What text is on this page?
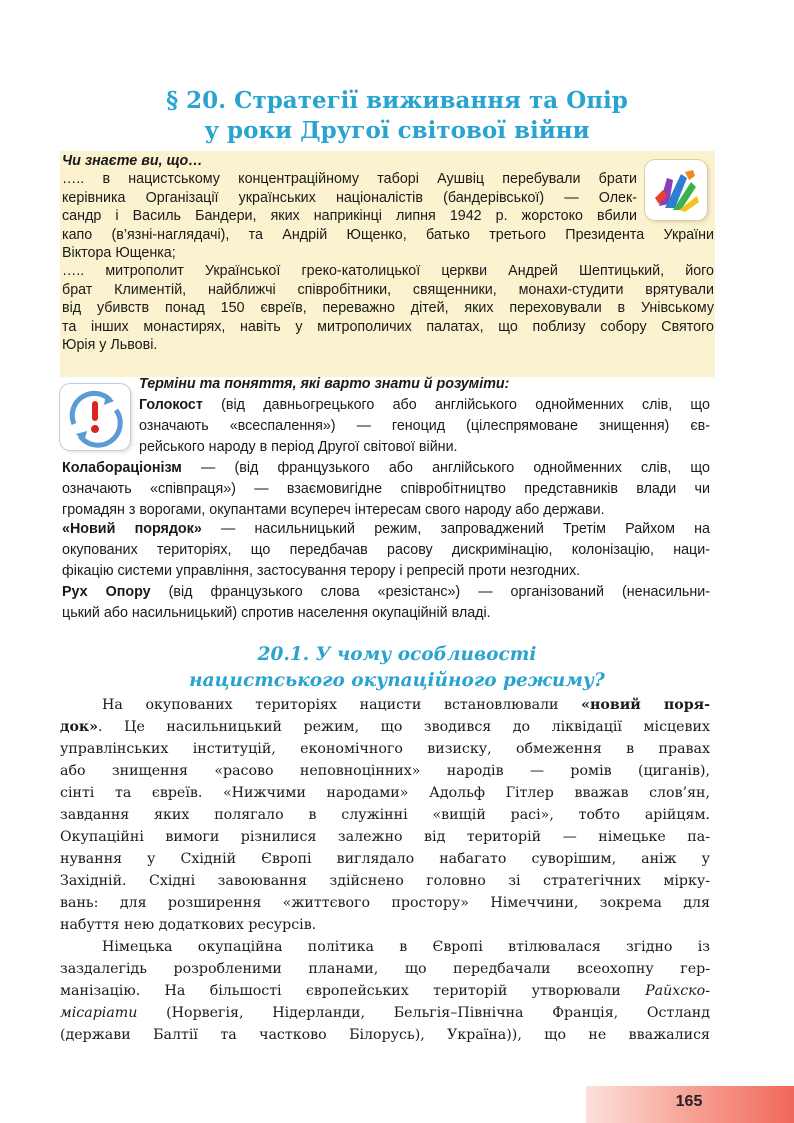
§ 20. Стратегії виживання та Опір
у роки Другої світової війни
Чи знаєте ви, що…
….. в нацистському концентраційному таборі Аушвіц перебували брати
керівника Організації українських націоналістів (бандерівської) — Олек-
сандр і Василь Бандери, яких наприкінці липня 1942 р. жорстоко вбили
капо (в’язні-наглядачі), та Андрій Ющенко, батько третього Президента України
Віктора Ющенка;
….. митрополит Української греко-католицької церкви Андрей Шептицький, його
брат Климентій, найближчі співробітники, священники, монахи-студити врятували
від убивств понад 150 євреїв, переважно дітей, яких переховували в Унівському
та інших монастирях, навіть у митрополичих палатах, що поблизу собору Святого
Юрія у Львові.
Терміни та поняття, які варто знати й розуміти:
Голокост (від давньогрецького або англійського однойменних слів, що
означають «всеспалення») — геноцид (цілеспрямоване знищення) єв-
рейського народу в період Другої світової війни.
Колабораціонізм — (від французького або англійського однойменних слів, що
означають «співпраця») — взаємовигідне співробітництво представників влади чи
громадян з ворогами, окупантами всупереч інтересам свого народу або держави.
«Новий порядок» — насильницький режим, запроваджений Третім Райхом на
окупованих територіях, що передбачав расову дискримінацію, колонізацію, наци-
фікацію системи управління, застосування терору і репресій проти незгодних.
Рух Опору (від французького слова «резістанс») — організований (ненасильни-
цький або насильницький) спротив населення окупаційній владі.
20.1. У чому особливості
нацистського окупаційного режиму?
На окупованих територіях нацисти встановлювали «новий поря-
док». Це насильницький режим, що зводився до ліквідації місцевих
управлінських інституцій, економічного визиску, обмеження в правах
або знищення «расово неповноцінних» народів — ромів (циганів),
сінті та євреїв. «Нижчими народами» Адольф Гітлер вважав слов’ян,
завдання яких полягало в служінні «вищій расі», тобто арійцям.
Окупаційні вимоги різнилися залежно від територій — німецьке па-
нування у Східній Європі виглядало набагато суворішим, аніж у
Західній. Східні завоювання здійснено головно зі стратегічних мірку-
вань: для розширення «життєвого простору» Німеччини, зокрема для
набуття нею додаткових ресурсів.
Німецька окупаційна політика в Європі втілювалася згідно із
заздалегідь розробленими планами, що передбачали всеохопну гер-
манізацію. На більшості європейських територій утворювали Райхско-
місаріати (Норвегія, Нідерланди, Бельгія–Північна Франція, Остланд
(держави Балтії та частково Білорусь), Україна)), що не вважалися
165
